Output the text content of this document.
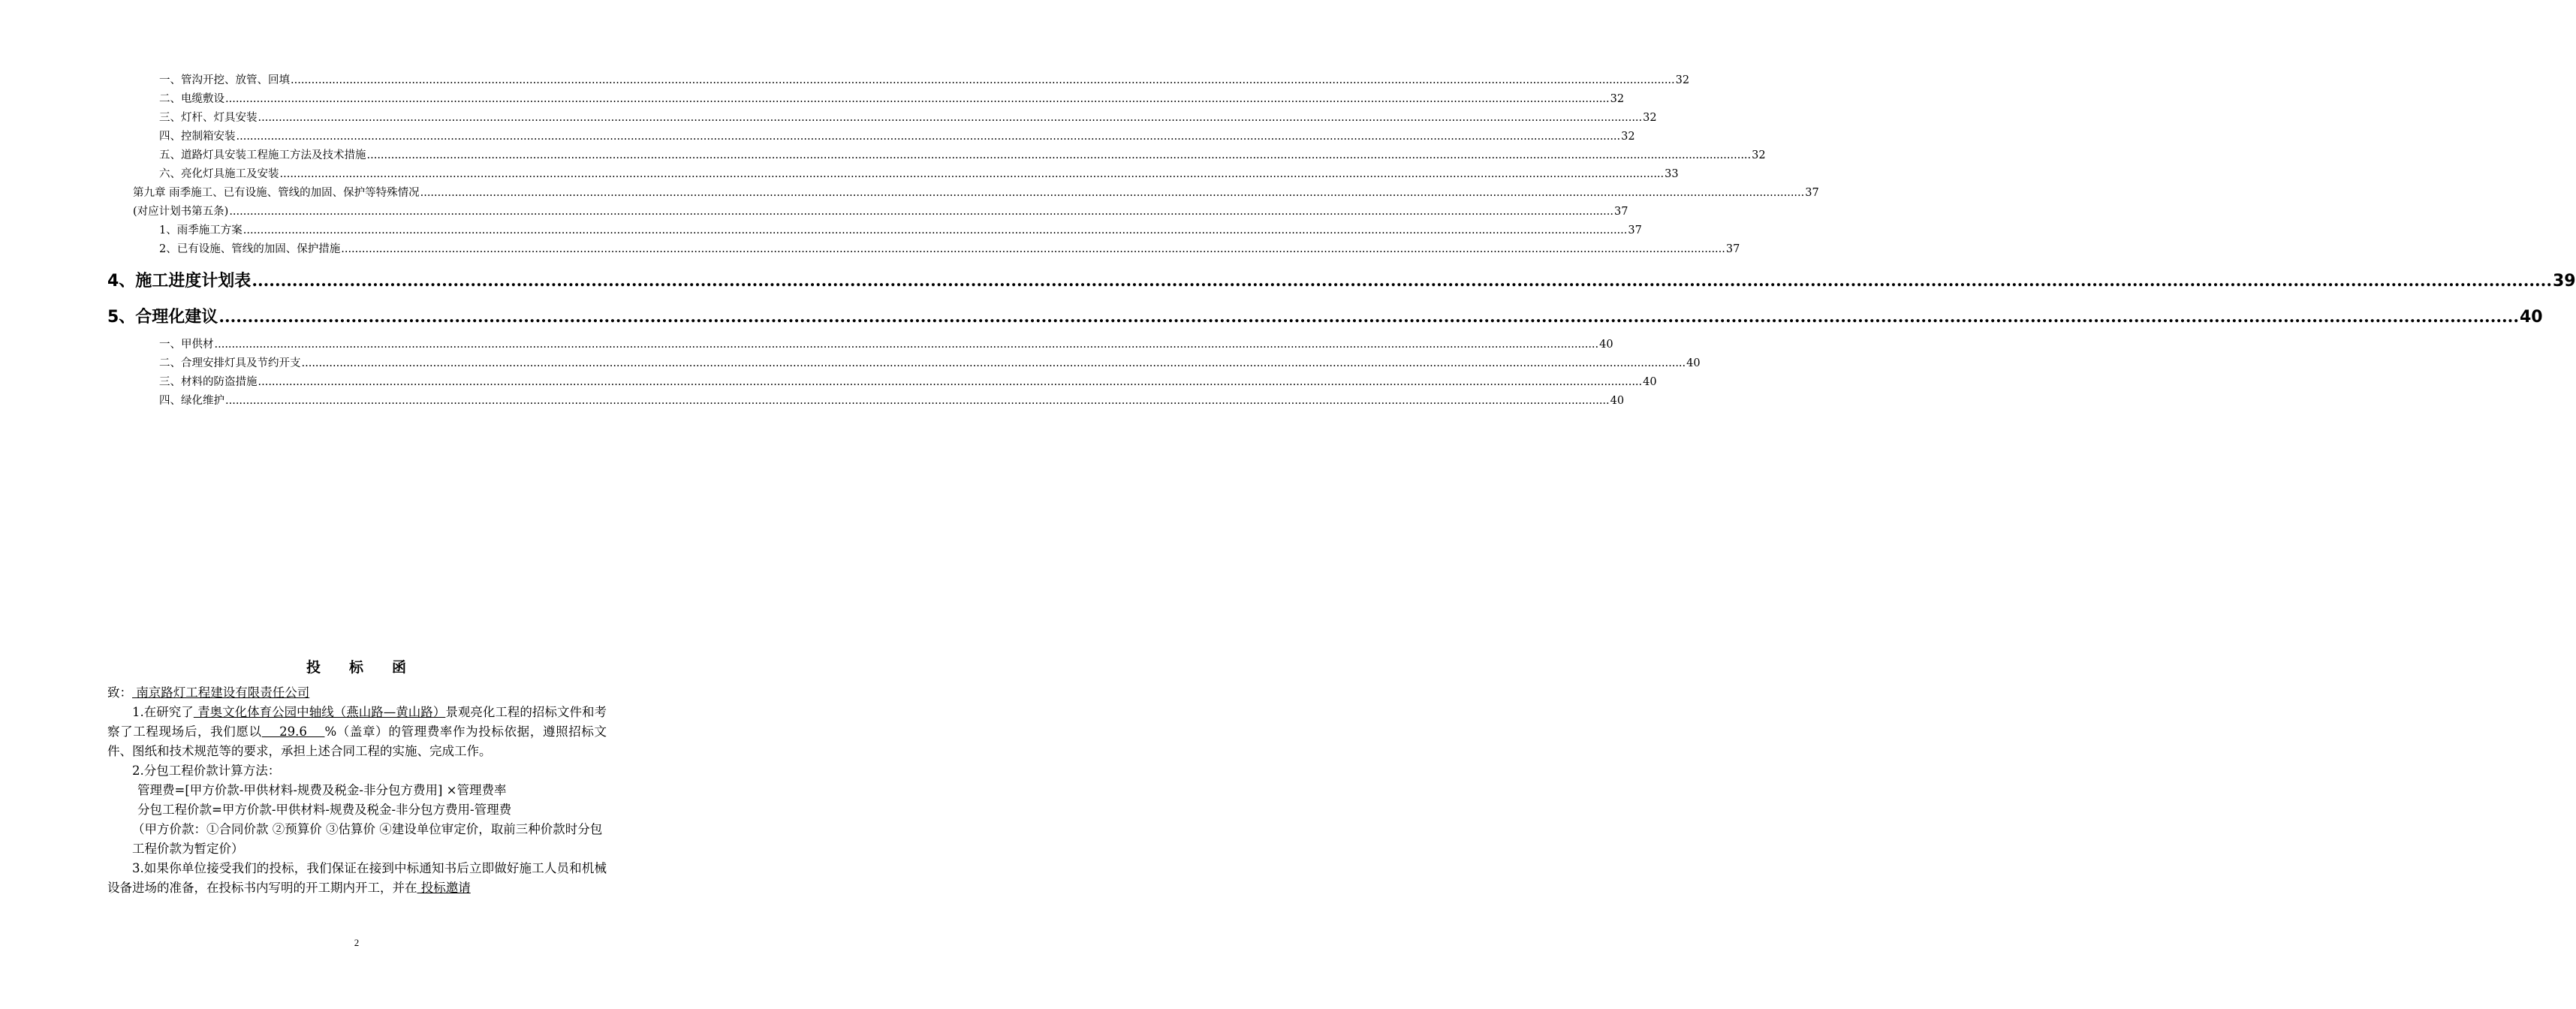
一、管沟开挖、放管、回填 ................................................................................................................................................................................................................................................................................................................................................................................................................ 32
二、电缆敷设 ................................................................................................................................................................................................................................................................................................................................................................................................................ 32
三、灯杆、灯具安装 ................................................................................................................................................................................................................................................................................................................................................................................................................ 32
四、控制箱安装 ................................................................................................................................................................................................................................................................................................................................................................................................................ 32
五、道路灯具安装工程施工方法及技术措施 ................................................................................................................................................................................................................................................................................................................................................................................................................ 32
六、亮化灯具施工及安装 ................................................................................................................................................................................................................................................................................................................................................................................................................ 33
第九章 雨季施工、已有设施、管线的加固、保护等特殊情况 ................................................................................................................................................................................................................................................................................................................................................................................................................ 37
(对应计划书第五条) ................................................................................................................................................................................................................................................................................................................................................................................................................ 37
1、雨季施工方案 ................................................................................................................................................................................................................................................................................................................................................................................................................ 37
2、已有设施、管线的加固、保护措施 ................................................................................................................................................................................................................................................................................................................................................................................................................ 37
4、施工进度计划表 ................................................................................................................................................................................................................................................................................................................................................................................................................ 39
5、合理化建议 ................................................................................................................................................................................................................................................................................................................................................................................................................ 40
一、甲供材 ................................................................................................................................................................................................................................................................................................................................................................................................................ 40
二、合理安排灯具及节约开支 ................................................................................................................................................................................................................................................................................................................................................................................................................ 40
三、材料的防盗措施 ................................................................................................................................................................................................................................................................................................................................................................................................................ 40
四、绿化维护 ................................................................................................................................................................................................................................................................................................................................................................................................................ 40
投 标 函

致： 南京路灯工程建设有限责任公司

1.在研究了 青奥文化体育公园中轴线（燕山路—黄山路）景观亮化工程的招标文件和考察了工程现场后，我们愿以    29.6    %（盖章）的管理费率作为投标依据，遵照招标文件、图纸和技术规范等的要求，承担上述合同工程的实施、完成工作。

2.分包工程价款计算方法：

管理费=[甲方价款-甲供材料-规费及税金-非分包方费用] ×管理费率

分包工程价款=甲方价款-甲供材料-规费及税金-非分包方费用-管理费

（甲方价款：①合同价款 ②预算价 ③估算价 ④建设单位审定价，取前三种价款时分包工程价款为暂定价）

3.如果你单位接受我们的投标，我们保证在接到中标通知书后立即做好施工人员和机械设备进场的准备，在投标书内写明的开工期内开工，并在 投标邀请

2
